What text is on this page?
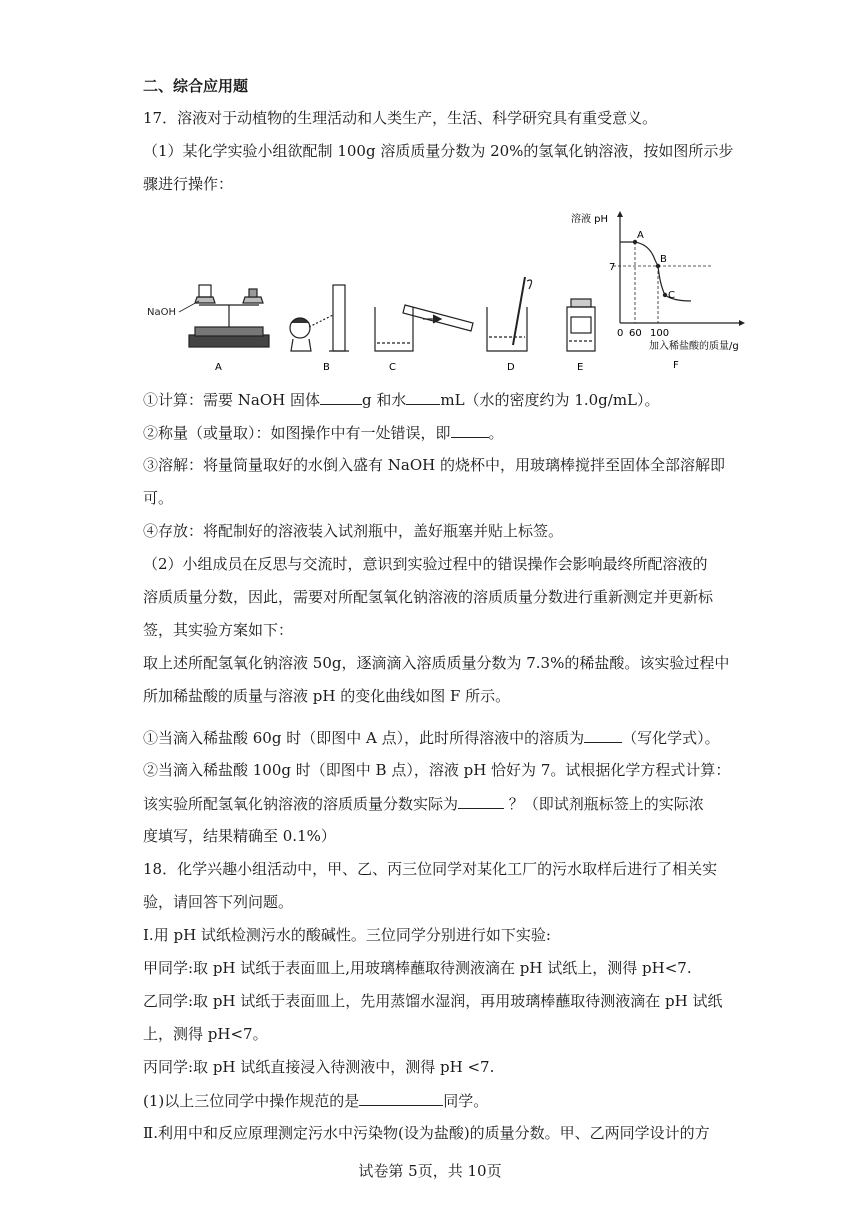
二、综合应用题
17．溶液对于动植物的生理活动和人类生产，生活、科学研究具有重受意义。
（1）某化学实验小组欲配制 100g 溶质质量分数为 20%的氢氧化钠溶液，按如图所示步
骤进行操作：
NaOH
A	B	C	D	E
溶液 pH
7
0 60 100
A
B
C
加入稀盐酸的质量/g
F
①计算：需要 NaOH 固体	g 和水 mL（水的密度约为 1.0g/mL）。
②称量（或量取）：如图操作中有一处错误，即	。
③溶解：将量筒量取好的水倒入盛有 NaOH 的烧杯中，用玻璃棒搅拌至固体全部溶解即
可。
④存放：将配制好的溶液装入试剂瓶中，盖好瓶塞并贴上标签。
（2）小组成员在反思与交流时，意识到实验过程中的错误操作会影响最终所配溶液的
溶质质量分数，因此，需要对所配氢氧化钠溶液的溶质质量分数进行重新测定并更新标
签，其实验方案如下：
取上述所配氢氧化钠溶液 50g，逐滴滴入溶质质量分数为 7.3%的稀盐酸。该实验过程中
所加稀盐酸的质量与溶液 pH 的变化曲线如图 F 所示。
①当滴入稀盐酸 60g 时（即图中 A 点），此时所得溶液中的溶质为	（写化学式）。
②当滴入稀盐酸 100g 时（即图中 B 点），溶液 pH 恰好为 7。试根据化学方程式计算：
该实验所配氢氧化钠溶液的溶质质量分数实际为	？（即试剂瓶标签上的实际浓
度填写，结果精确至 0.1%）
18．化学兴趣小组活动中，甲、乙、丙三位同学对某化工厂的污水取样后进行了相关实
验，请回答下列问题。
Ⅰ.用 pH 试纸检测污水的酸碱性。三位同学分别进行如下实验:
甲同学:取 pH 试纸于表面皿上,用玻璃棒蘸取待测液滴在 pH 试纸上，测得 pH<7.
乙同学:取 pH 试纸于表面皿上，先用蒸馏水湿润，再用玻璃棒蘸取待测液滴在 pH 试纸
上，测得 pH<7。
丙同学:取 pH 试纸直接浸入待测液中，测得 pH <7.
(1)以上三位同学中操作规范的是	同学。
Ⅱ.利用中和反应原理测定污水中污染物(设为盐酸)的质量分数。甲、乙两同学设计的方
试卷第 5页，共 10页
